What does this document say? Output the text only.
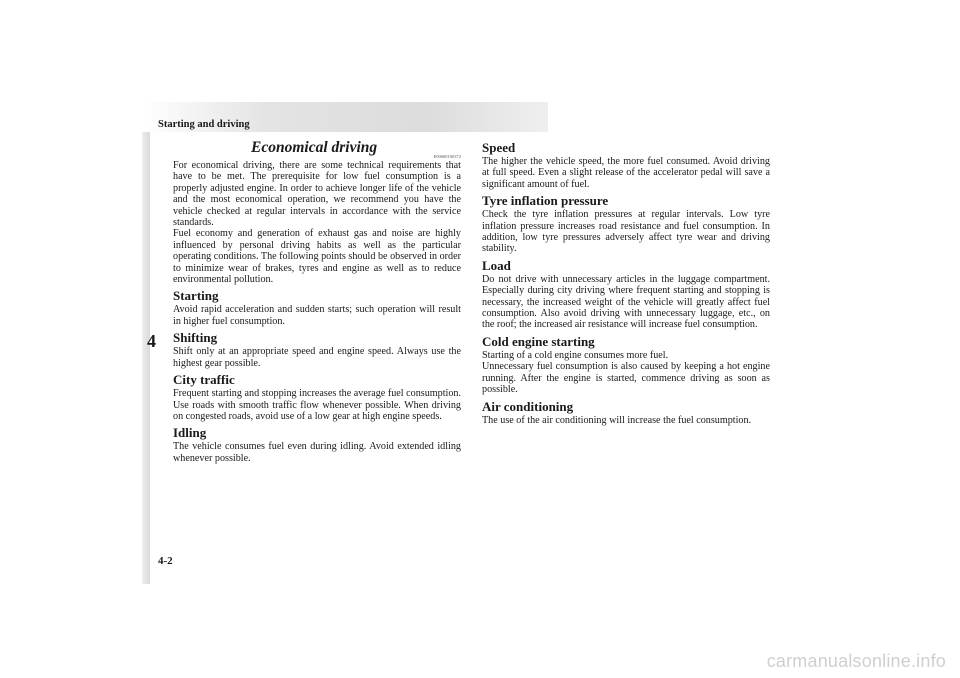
Starting and driving
4
Economical driving
E00600100372

For economical driving, there are some technical requirements that have to be met. The prerequisite for low fuel consumption is a properly adjusted engine. In order to achieve longer life of the vehicle and the most economical operation, we recommend you have the vehicle checked at regular intervals in accordance with the service standards.

Fuel economy and generation of exhaust gas and noise are highly influenced by personal driving habits as well as the particular operating conditions. The following points should be observed in order to minimize wear of brakes, tyres and engine as well as to reduce environmental pollution.

Starting

Avoid rapid acceleration and sudden starts; such operation will result in higher fuel consumption.

Shifting

Shift only at an appropriate speed and engine speed. Always use the highest gear possible.

City traffic

Frequent starting and stopping increases the average fuel consumption. Use roads with smooth traffic flow whenever possible. When driving on congested roads, avoid use of a low gear at high engine speeds.

Idling

The vehicle consumes fuel even during idling. Avoid extended idling whenever possible.

Speed

The higher the vehicle speed, the more fuel consumed. Avoid driving at full speed. Even a slight release of the accelerator pedal will save a significant amount of fuel.

Tyre inflation pressure

Check the tyre inflation pressures at regular intervals. Low tyre inflation pressure increases road resistance and fuel consumption. In addition, low tyre pressures adversely affect tyre wear and driving stability.

Load

Do not drive with unnecessary articles in the luggage compartment. Especially during city driving where frequent starting and stopping is necessary, the increased weight of the vehicle will greatly affect fuel consumption. Also avoid driving with unnecessary luggage, etc., on the roof; the increased air resistance will increase fuel consumption.

Cold engine starting

Starting of a cold engine consumes more fuel.

Unnecessary fuel consumption is also caused by keeping a hot engine running. After the engine is started, commence driving as soon as possible.

Air conditioning

The use of the air conditioning will increase the fuel consumption.

4-2
carmanualsonline.info
